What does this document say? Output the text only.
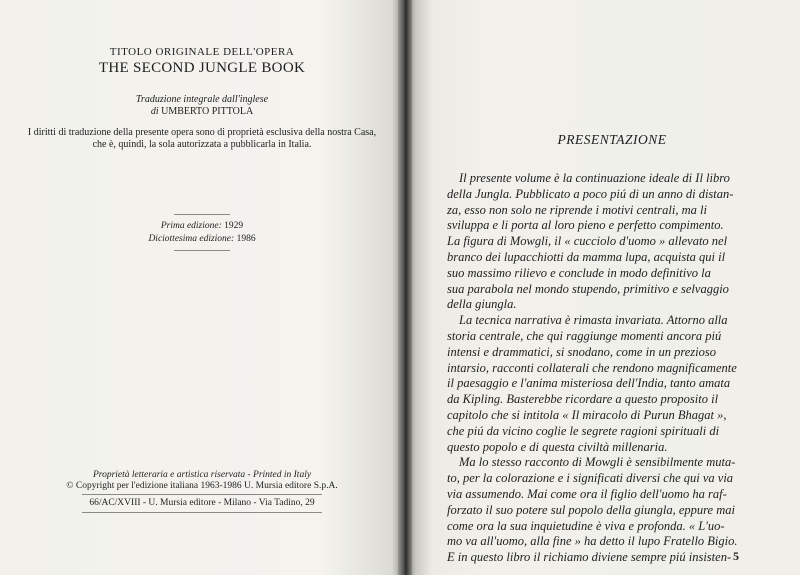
TITOLO ORIGINALE DELL'OPERA
THE SECOND JUNGLE BOOK
Traduzione integrale dall'inglese
di UMBERTO PITTOLA
I diritti di traduzione della presente opera sono di proprietà esclusiva della nostra Casa, che è, quindi, la sola autorizzata a pubblicarla in Italia.
Prima edizione: 1929
Diciottesima edizione: 1986
Proprietà letteraria e artistica riservata - Printed in Italy
© Copyright per l'edizione italiana 1963-1986 U. Mursia editore S.p.A.
66/AC/XVIII - U. Mursia editore - Milano - Via Tadino, 29
PRESENTAZIONE
Il presente volume è la continuazione ideale di Il libro
della Jungla. Pubblicato a poco piú di un anno di distan-
za, esso non solo ne riprende i motivi centrali, ma li
sviluppa e li porta al loro pieno e perfetto compimento.
La figura di Mowgli, il « cucciolo d'uomo » allevato nel
branco dei lupacchiotti da mamma lupa, acquista qui il
suo massimo rilievo e conclude in modo definitivo la
sua parabola nel mondo stupendo, primitivo e selvaggio
della giungla.
La tecnica narrativa è rimasta invariata. Attorno alla
storia centrale, che qui raggiunge momenti ancora piú
intensi e drammatici, si snodano, come in un prezioso
intarsio, racconti collaterali che rendono magnificamente
il paesaggio e l'anima misteriosa dell'India, tanto amata
da Kipling. Basterebbe ricordare a questo proposito il
capitolo che si intitola « Il miracolo di Purun Bhagat »,
che piú da vicino coglie le segrete ragioni spirituali di
questo popolo e di questa civiltà millenaria.
Ma lo stesso racconto di Mowgli è sensibilmente muta-
to, per la colorazione e i significati diversi che qui va via
via assumendo. Mai come ora il figlio dell'uomo ha raf-
forzato il suo potere sul popolo della giungla, eppure mai
come ora la sua inquietudine è viva e profonda. « L'uo-
mo va all'uomo, alla fine » ha detto il lupo Fratello Bigio.
E in questo libro il richiamo diviene sempre piú insisten- 5
